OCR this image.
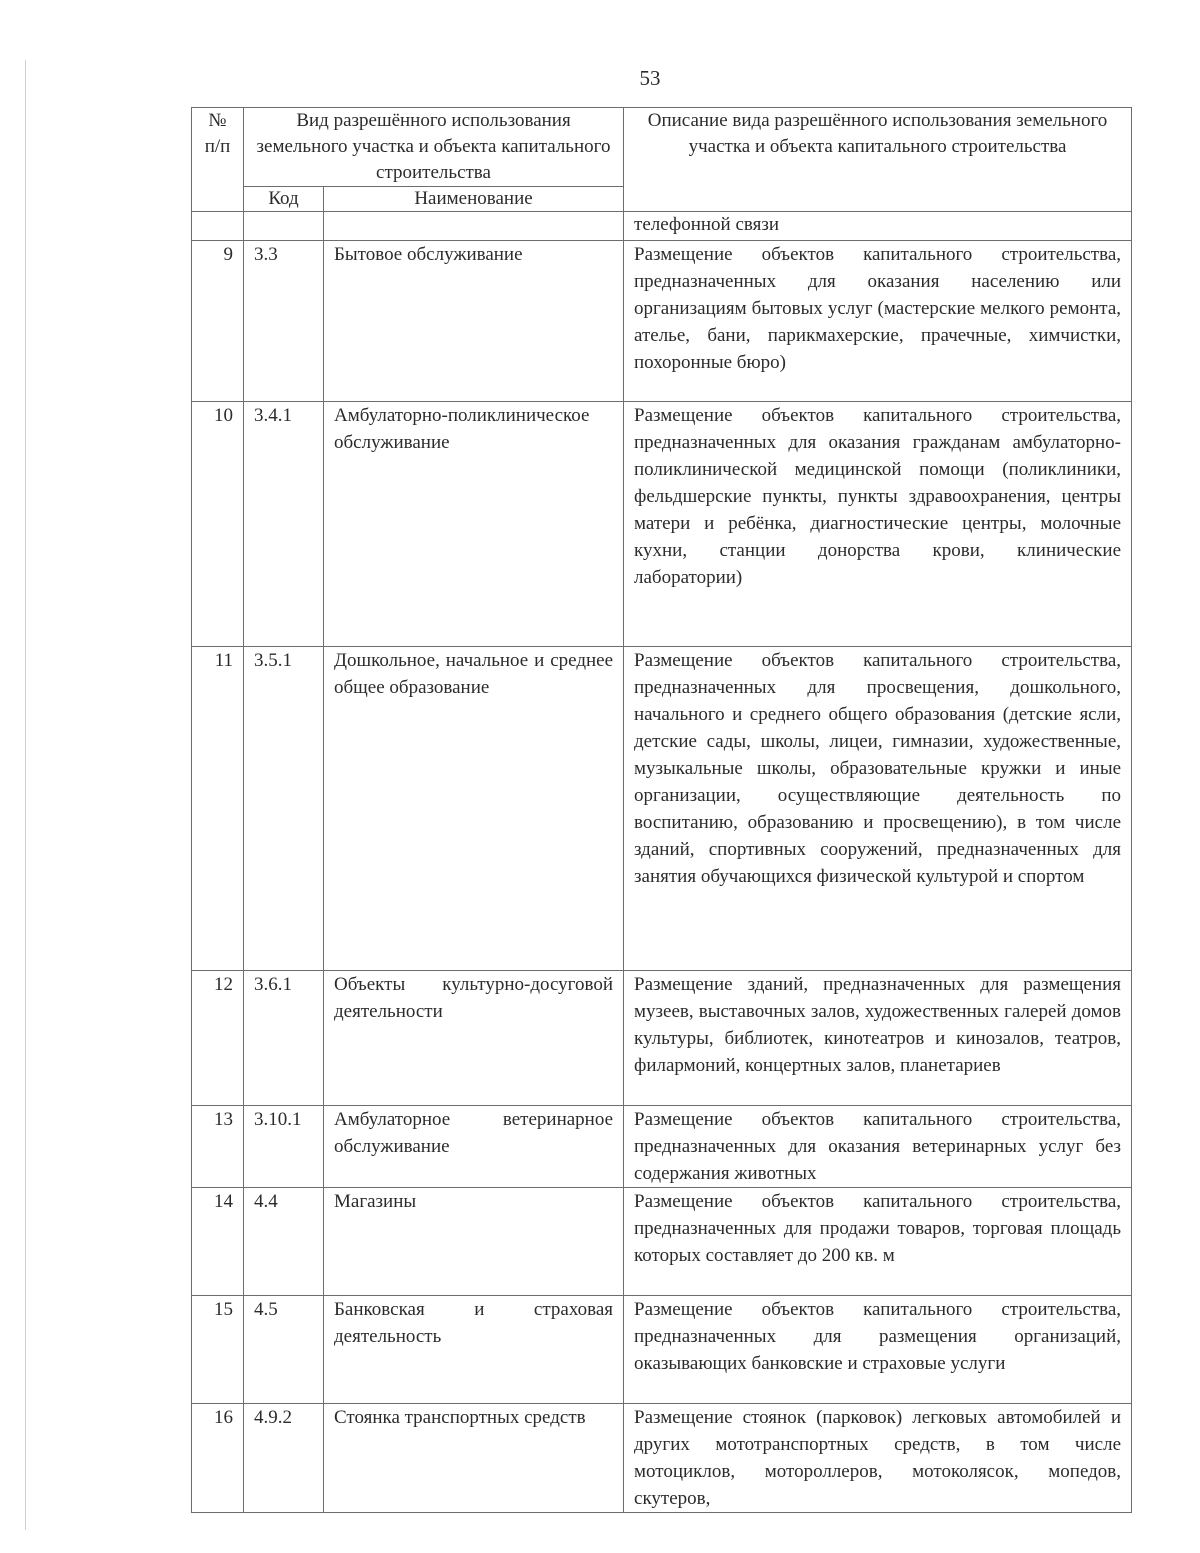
53
№ п/п	Вид разрешённого использования земельного участка и объекта капитального строительства		Описание вида разрешённого использования земельного участка и объекта капитального строительства
	Код	Наименование	
			телефонной связи
9	3.3	Бытовое обслуживание	Размещение объектов капитального строительства, предназначенных для оказания населению или организациям бытовых услуг (мастерские мелкого ремонта, ателье, бани, парикмахерские, прачечные, химчистки, похоронные бюро)
10	3.4.1	Амбулаторно-поликлиническое обслуживание	Размещение объектов капитального строительства, предназначенных для оказания гражданам амбулаторно-поликлинической медицинской помощи (поликлиники, фельдшерские пункты, пункты здравоохранения, центры матери и ребёнка, диагностические центры, молочные кухни, станции донорства крови, клинические лаборатории)
11	3.5.1	Дошкольное, начальное и среднее общее образование	Размещение объектов капитального строительства, предназначенных для просвещения, дошкольного, начального и среднего общего образования (детские ясли, детские сады, школы, лицеи, гимназии, художественные, музыкальные школы, образовательные кружки и иные организации, осуществляющие деятельность по воспитанию, образованию и просвещению), в том числе зданий, спортивных сооружений, предназначенных для занятия обучающихся физической культурой и спортом
12	3.6.1	Объекты культурно-досуговой деятельности	Размещение зданий, предназначенных для размещения музеев, выставочных залов, художественных галерей домов культуры, библиотек, кинотеатров и кинозалов, театров, филармоний, концертных залов, планетариев
13	3.10.1	Амбулаторное ветеринарное обслуживание	Размещение объектов капитального строительства, предназначенных для оказания ветеринарных услуг без содержания животных
14	4.4	Магазины	Размещение объектов капитального строительства, предназначенных для продажи товаров, торговая площадь которых составляет до 200 кв. м
15	4.5	Банковская и страховая деятельность	Размещение объектов капитального строительства, предназначенных для размещения организаций, оказывающих банковские и страховые услуги
16	4.9.2	Стоянка транспортных средств	Размещение стоянок (парковок) легковых автомобилей и других мототранспортных средств, в том числе мотоциклов, мотороллеров, мотоколясок, мопедов, скутеров,
